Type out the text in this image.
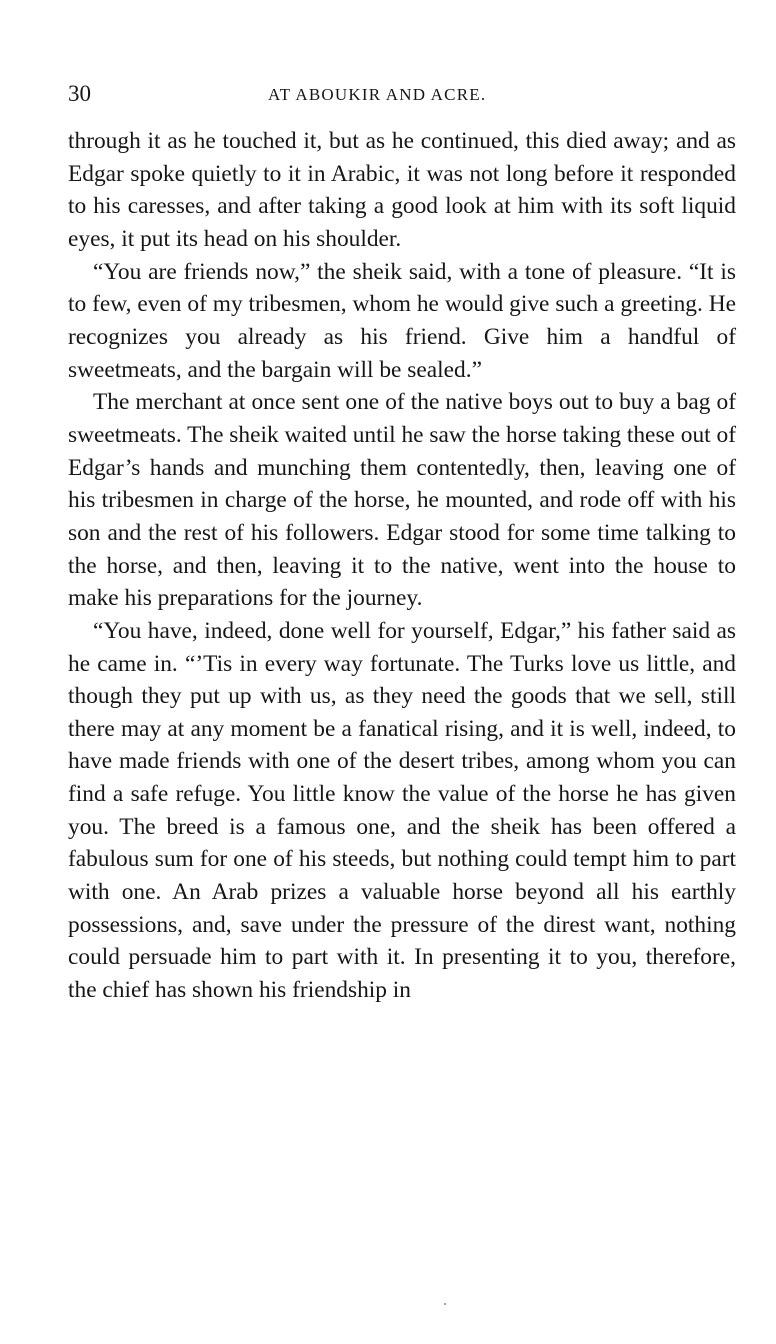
30	AT ABOUKIR AND ACRE.

through it as he touched it, but as he continued, this died away; and as Edgar spoke quietly to it in Arabic, it was not long before it responded to his caresses, and after taking a good look at him with its soft liquid eyes, it put its head on his shoulder.

“You are friends now,” the sheik said, with a tone of pleasure. “It is to few, even of my tribesmen, whom he would give such a greeting. He recognizes you already as his friend. Give him a handful of sweetmeats, and the bargain will be sealed.”

The merchant at once sent one of the native boys out to buy a bag of sweetmeats. The sheik waited until he saw the horse taking these out of Edgar’s hands and munching them contentedly, then, leaving one of his tribesmen in charge of the horse, he mounted, and rode off with his son and the rest of his followers. Edgar stood for some time talking to the horse, and then, leaving it to the native, went into the house to make his preparations for the journey.

“You have, indeed, done well for yourself, Edgar,” his father said as he came in. “’Tis in every way fortunate. The Turks love us little, and though they put up with us, as they need the goods that we sell, still there may at any moment be a fanatical rising, and it is well, indeed, to have made friends with one of the desert tribes, among whom you can find a safe refuge. You little know the value of the horse he has given you. The breed is a famous one, and the sheik has been offered a fabulous sum for one of his steeds, but nothing could tempt him to part with one. An Arab prizes a valuable horse beyond all his earthly possessions, and, save under the pressure of the direst want, nothing could persuade him to part with it. In presenting it to you, therefore, the chief has shown his friendship in
